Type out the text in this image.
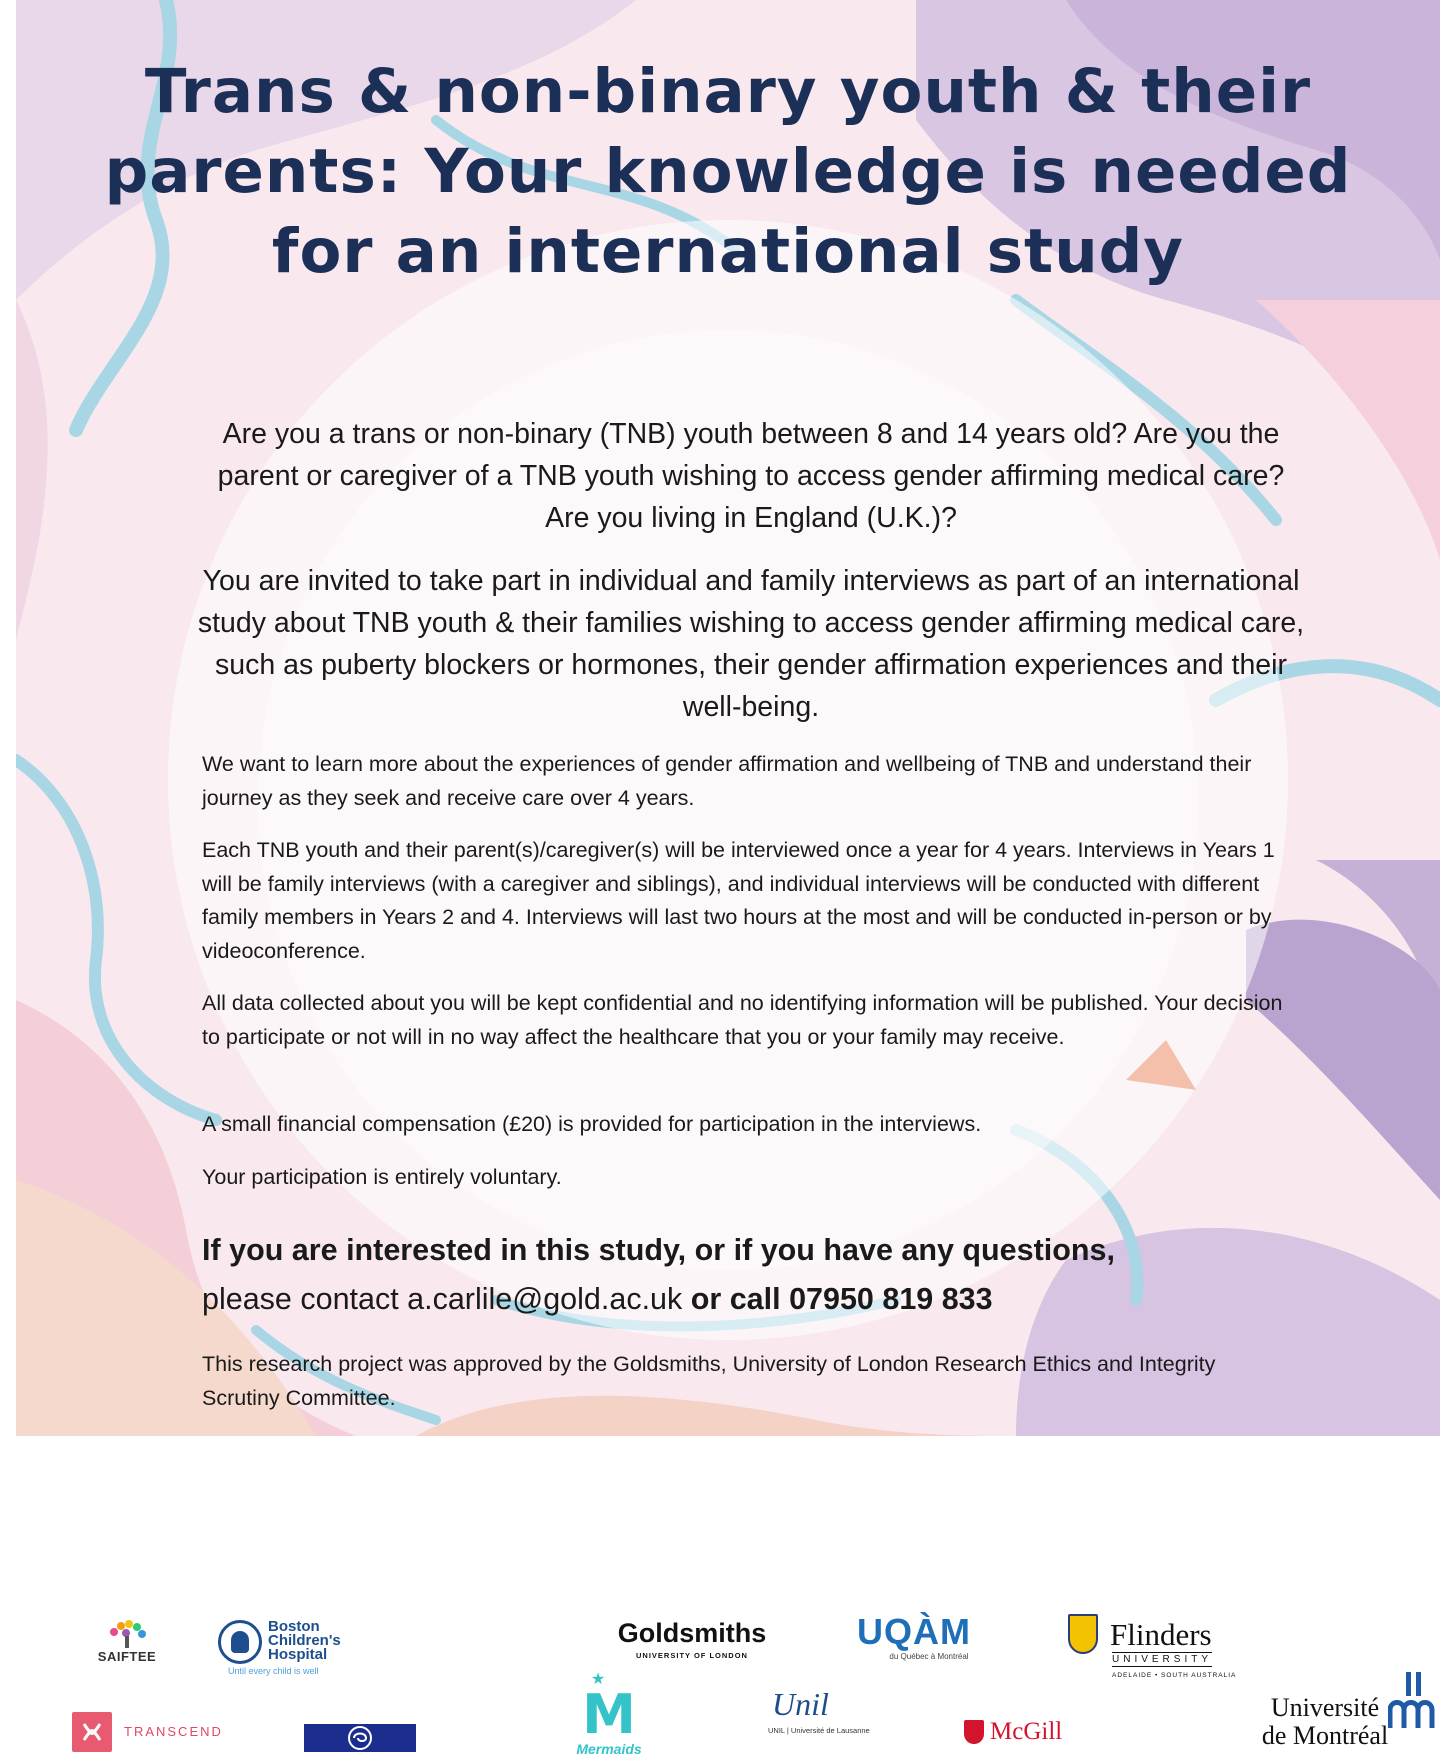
Trans & non-binary youth & their parents: Your knowledge is needed for an international study

Are you a trans or non-binary (TNB) youth between 8 and 14 years old? Are you the parent or caregiver of a TNB youth wishing to access gender affirming medical care? Are you living in England (U.K.)?

You are invited to take part in individual and family interviews as part of an international study about TNB youth & their families wishing to access gender affirming medical care, such as puberty blockers or hormones, their gender affirmation experiences and their well-being.

We want to learn more about the experiences of gender affirmation and wellbeing of TNB and understand their journey as they seek and receive care over 4 years.

Each TNB youth and their parent(s)/caregiver(s) will be interviewed once a year for 4 years. Interviews in Years 1 will be family interviews (with a caregiver and siblings), and individual interviews will be conducted with different family members in Years 2 and 4. Interviews will last two hours at the most and will be conducted in-person or by videoconference.

All data collected about you will be kept confidential and no identifying information will be published. Your decision to participate or not will in no way affect the healthcare that you or your family may receive.

A small financial compensation (£20) is provided for participation in the interviews.

Your participation is entirely voluntary.

If you are interested in this study, or if you have any questions,
please contact a.carlile@gold.ac.uk or call 07950 819 833

This research project was approved by the Goldsmiths, University of London Research Ethics and Integrity Scrutiny Committee.

SAIFTEE
Boston Children's Hospital
Until every child is well
Goldsmiths
UNIVERSITY OF LONDON
UQÀM
du Québec à Montréal
Flinders
UNIVERSITY
ADELAIDE • SOUTH AUSTRALIA
TRANSCEND
★
M
Mermaids
Unil
UNIL | Université de Lausanne	McGill
Université
de Montréal
